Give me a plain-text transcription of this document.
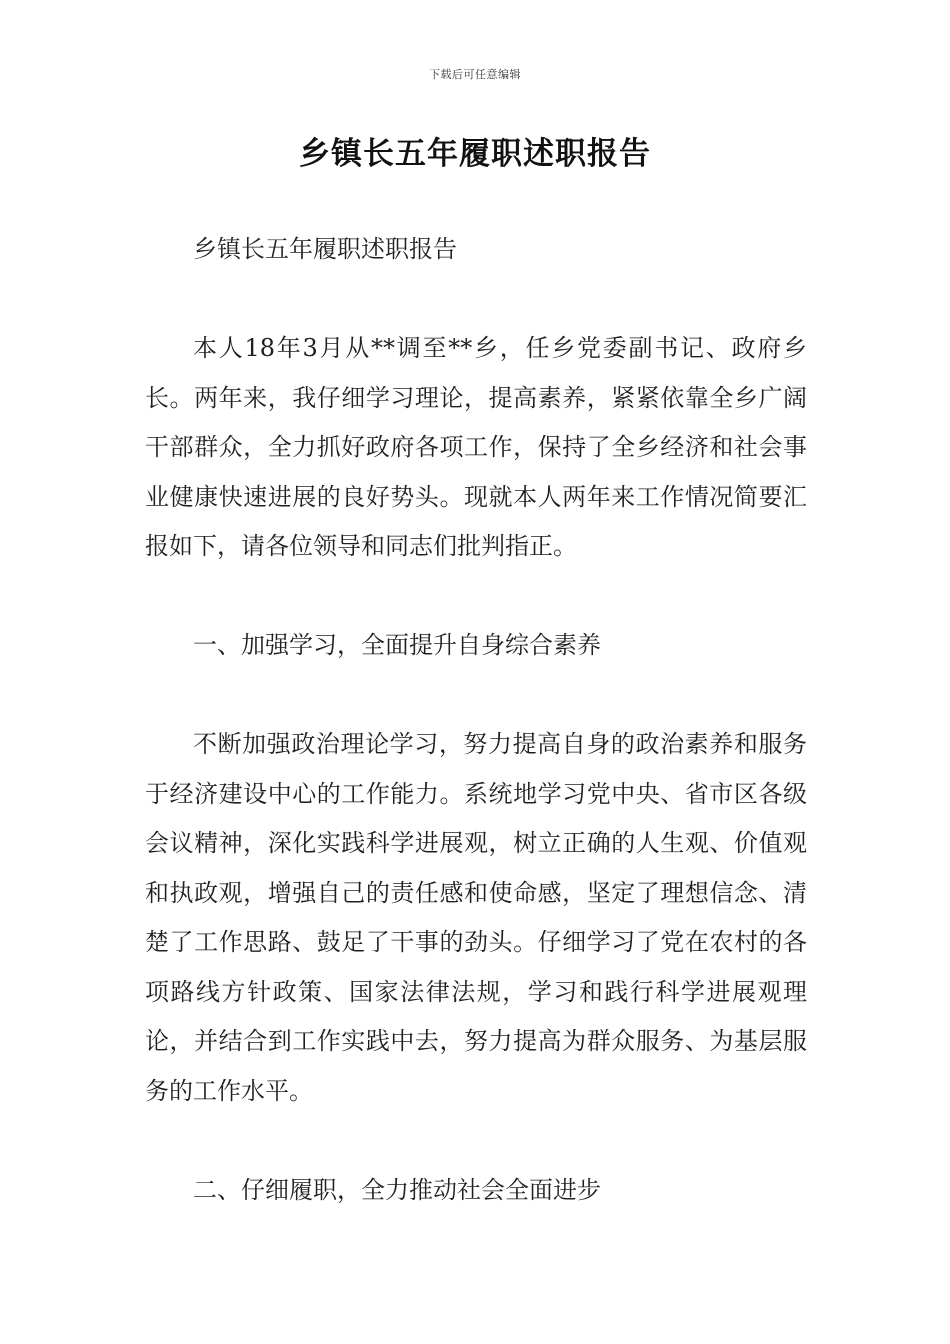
下载后可任意编辑
乡镇长五年履职述职报告

乡镇长五年履职述职报告

本人18年3月从**调至**乡，任乡党委副书记、政府乡长。两年来，我仔细学习理论，提高素养，紧紧依靠全乡广阔干部群众，全力抓好政府各项工作，保持了全乡经济和社会事业健康快速进展的良好势头。现就本人两年来工作情况简要汇报如下，请各位领导和同志们批判指正。

一、加强学习，全面提升自身综合素养

不断加强政治理论学习，努力提高自身的政治素养和服务于经济建设中心的工作能力。系统地学习党中央、省市区各级会议精神，深化实践科学进展观，树立正确的人生观、价值观和执政观，增强自己的责任感和使命感，坚定了理想信念、清楚了工作思路、鼓足了干事的劲头。仔细学习了党在农村的各项路线方针政策、国家法律法规，学习和践行科学进展观理论，并结合到工作实践中去，努力提高为群众服务、为基层服务的工作水平。

二、仔细履职，全力推动社会全面进步
